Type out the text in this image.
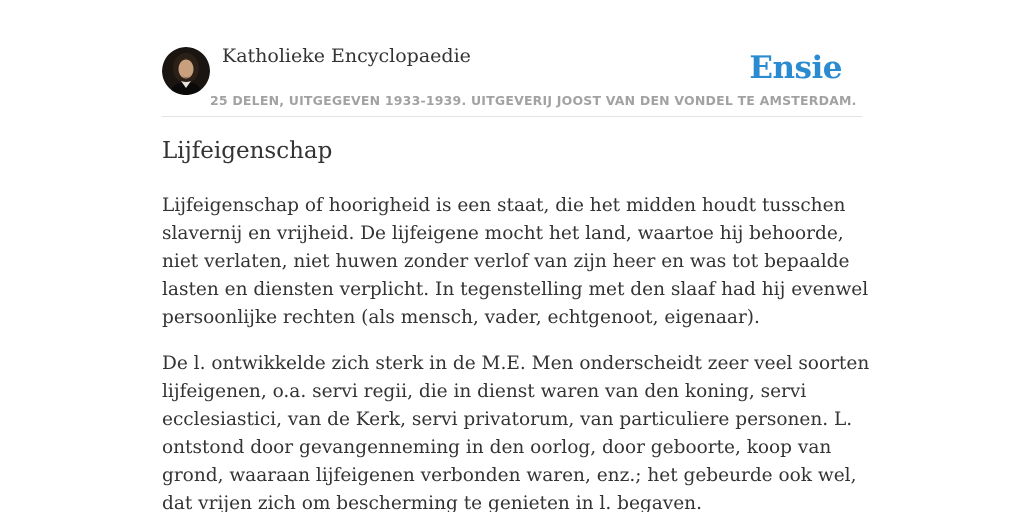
Katholieke Encyclopaedie
25 DELEN, UITGEGEVEN 1933-1939. UITGEVERIJ JOOST VAN DEN VONDEL TE AMSTERDAM.
Ensie
Lijfeigenschap

Lijfeigenschap of hoorigheid is een staat, die het midden houdt tusschen slavernij en vrijheid. De lijfeigene mocht het land, waartoe hij behoorde, niet verlaten, niet huwen zonder verlof van zijn heer en was tot bepaalde lasten en diensten verplicht. In tegenstelling met den slaaf had hij evenwel persoonlijke rechten (als mensch, vader, echtgenoot, eigenaar).

De l. ontwikkelde zich sterk in de M.E. Men onderscheidt zeer veel soorten lijfeigenen, o.a. servi regii, die in dienst waren van den koning, servi ecclesiastici, van de Kerk, servi privatorum, van particuliere personen. L. ontstond door gevangenneming in den oorlog, door geboorte, koop van grond, waaraan lijfeigenen verbonden waren, enz.; het gebeurde ook wel, dat vrijen zich om bescherming te genieten in l. begaven.
